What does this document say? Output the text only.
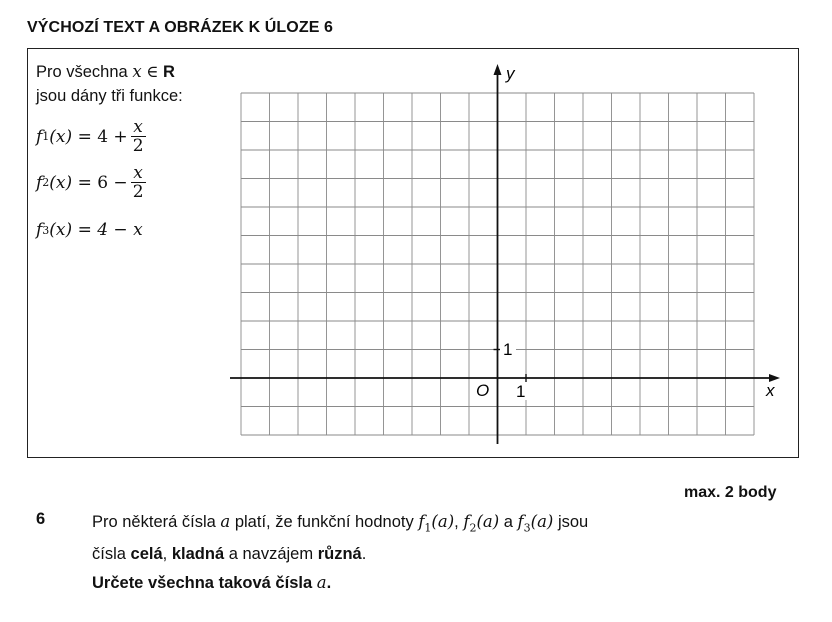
VÝCHOZÍ TEXT A OBRÁZEK K ÚLOZE 6
Pro všechna x ∈ R
jsou dány tři funkce:
f 1 (x)
= $4 + \frac{x}{2}$
f 2 (x)
= $6 - \frac{x}{2}$
f 3 (x)
= 4 − x
y
x
O 1
1
max. 2 body
6	Pro některá čísla a platí, že funkční hodnoty $f_1(a)$, $f_2(a)$ a $f_3(a)$ jsou
čísla celá, kladná a navzájem různá.
Určete všechna taková čísla a.
